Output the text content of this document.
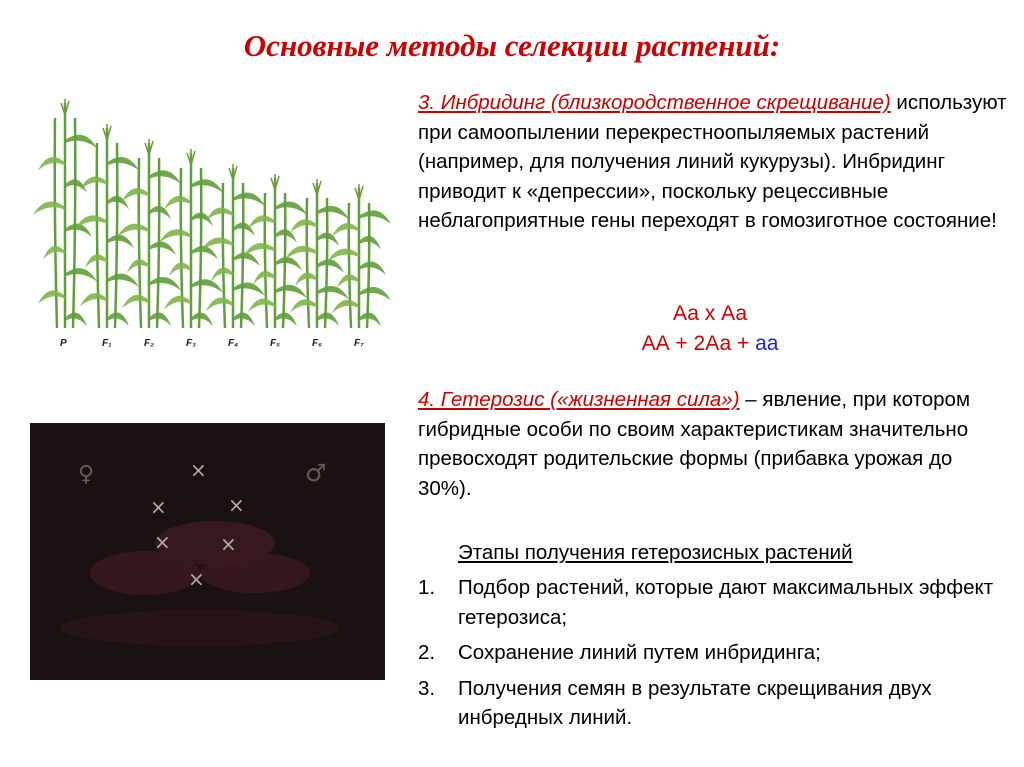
Основные методы селекции растений:
P	F₁	F₂	F₃	F₄	F₅	F₆	F₇
♀	♂
×
×	×
× ×
×
3. Инбридинг (близкородственное скрещивание) используют при самоопылении перекрестноопыляемых растений (например, для получения линий кукурузы). Инбридинг приводит к «депрессии», поскольку рецессивные неблагоприятные гены переходят в гомозиготное состояние!
Аа х Аа
АА + 2Аа + аа
4. Гетерозис («жизненная сила») – явление, при котором гибридные особи по своим характеристикам значительно превосходят родительские формы (прибавка урожая до 30%).
Этапы получения гетерозисных растений
1. Подбор растений, которые дают максимальных эффект гетерозиса;
2. Сохранение линий путем инбридинга;
3. Получения семян в результате скрещивания двух инбредных линий.
